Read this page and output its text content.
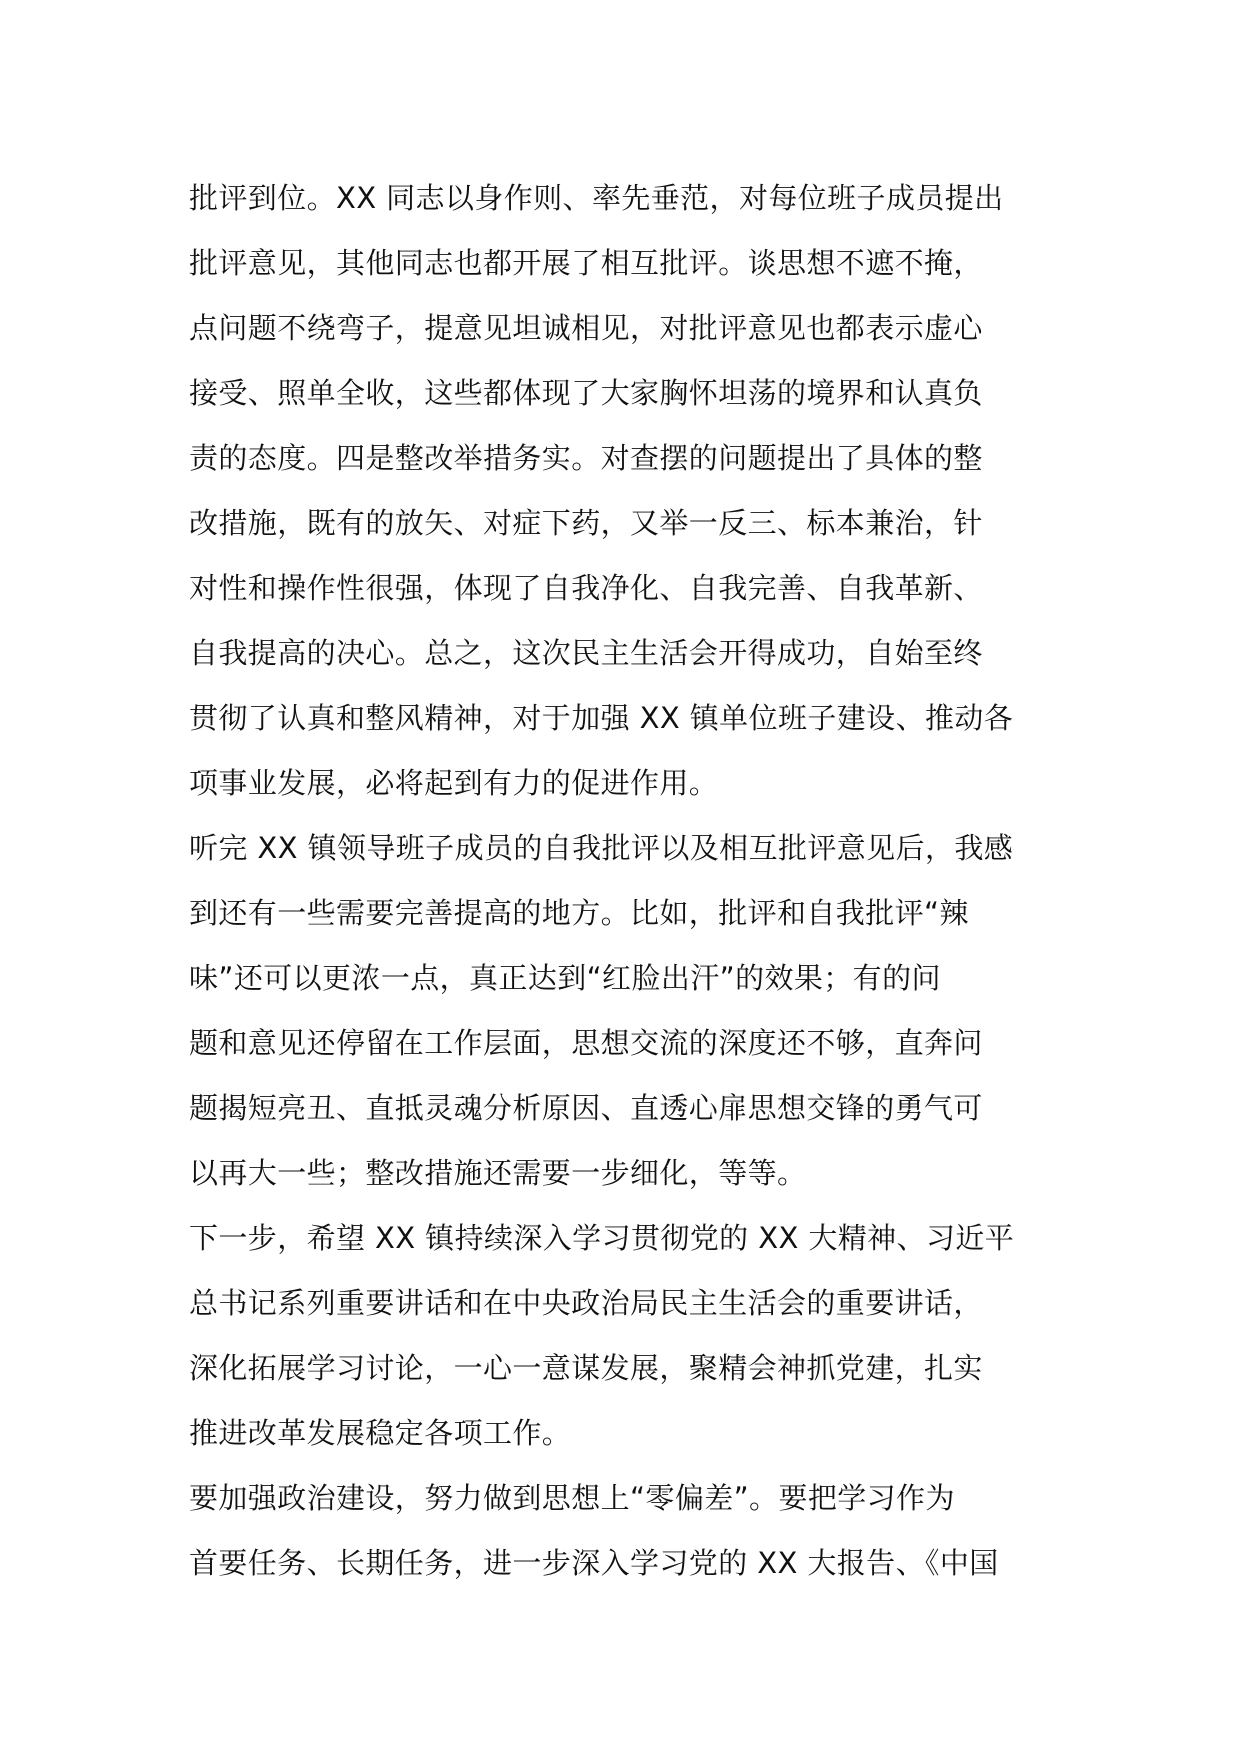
批评到位。XX 同志以身作则、率先垂范，对每位班子成员提出
批评意见，其他同志也都开展了相互批评。谈思想不遮不掩，
点问题不绕弯子，提意见坦诚相见，对批评意见也都表示虚心
接受、照单全收，这些都体现了大家胸怀坦荡的境界和认真负
责的态度。四是整改举措务实。对查摆的问题提出了具体的整
改措施，既有的放矢、对症下药，又举一反三、标本兼治，针
对性和操作性很强，体现了自我净化、自我完善、自我革新、
自我提高的决心。总之，这次民主生活会开得成功，自始至终
贯彻了认真和整风精神，对于加强 XX 镇单位班子建设、推动各
项事业发展，必将起到有力的促进作用。
听完 XX 镇领导班子成员的自我批评以及相互批评意见后，我感
到还有一些需要完善提高的地方。比如，批评和自我批评“辣
味”还可以更浓一点，真正达到“红脸出汗”的效果；有的问
题和意见还停留在工作层面，思想交流的深度还不够，直奔问
题揭短亮丑、直抵灵魂分析原因、直透心扉思想交锋的勇气可
以再大一些；整改措施还需要一步细化，等等。
下一步，希望 XX 镇持续深入学习贯彻党的 XX 大精神、习近平
总书记系列重要讲话和在中央政治局民主生活会的重要讲话，
深化拓展学习讨论，一心一意谋发展，聚精会神抓党建，扎实
推进改革发展稳定各项工作。
要加强政治建设，努力做到思想上“零偏差”。要把学习作为
首要任务、长期任务，进一步深入学习党的 XX 大报告、《中国
